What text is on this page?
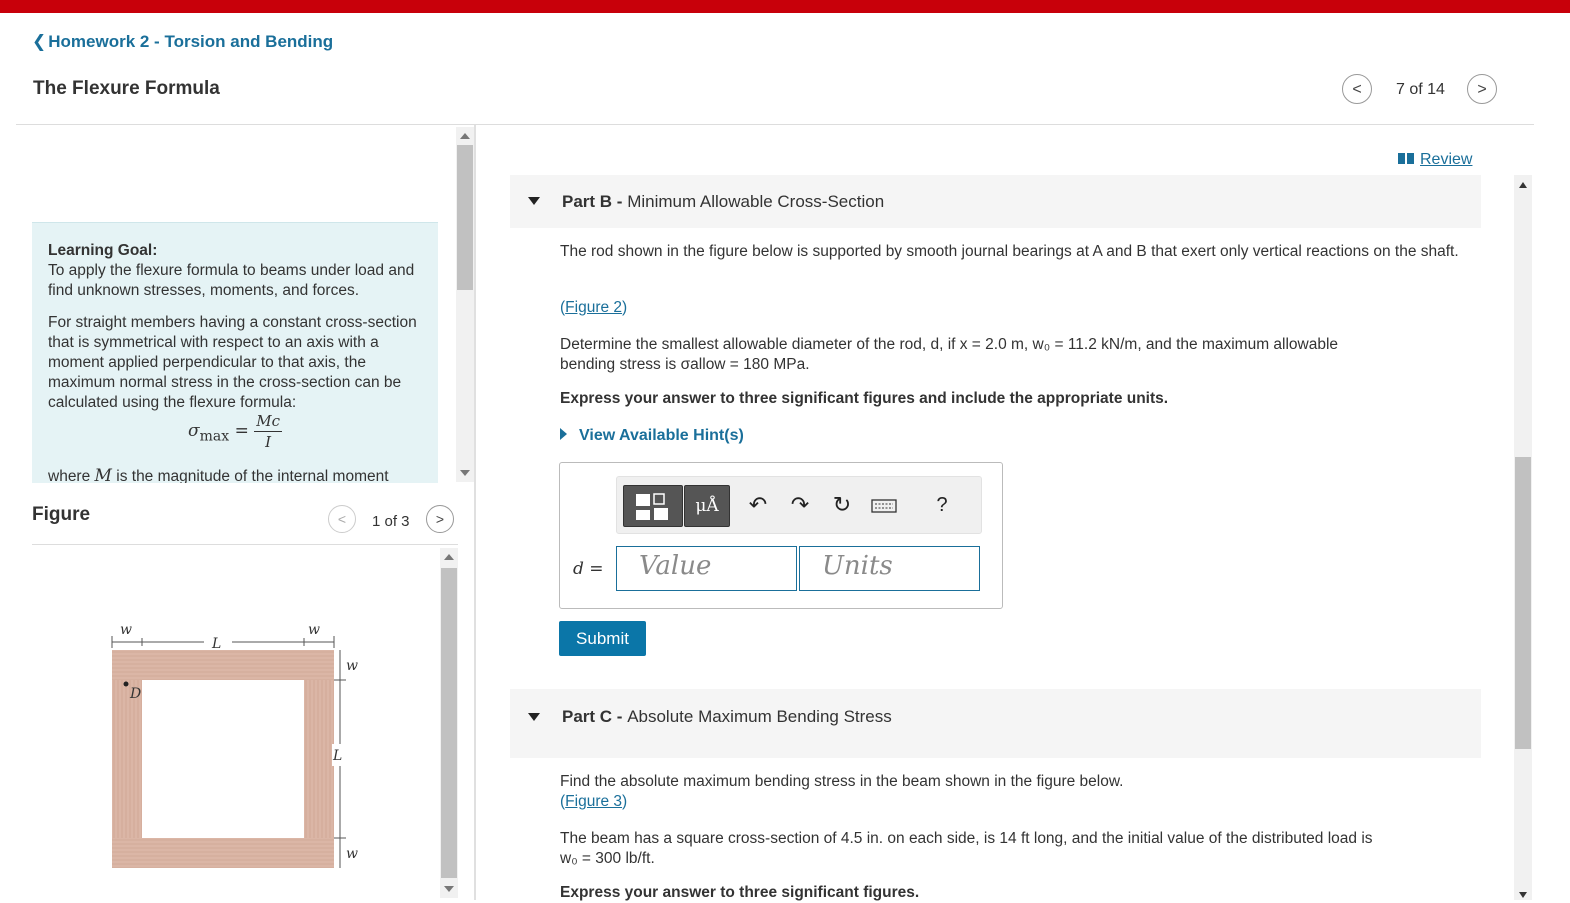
❮ Homework 2 - Torsion and Bending
The Flexure Formula	<	7 of 14	>
Learning Goal:
To apply the flexure formula to beams under load and find unknown stresses, moments, and forces.
For straight members having a constant cross-section that is symmetrical with respect to an axis with a moment applied perpendicular to that axis, the maximum normal stress in the cross-section can be calculated using the flexure formula:
$\sigma_{max} = \frac{Mc}{I}$
where M is the magnitude of the internal moment
Figure	<	1 of 3	>
w
L
w
w
L
w
D
Review
Part B - Minimum Allowable Cross-Section
The rod shown in the figure below is supported by smooth journal bearings at A and B that exert only vertical reactions on the shaft.
(Figure 2)
Determine the smallest allowable diameter of the rod, d, if x = 2.0 m, w₀ = 11.2 kN/m, and the maximum allowable
bending stress is σallow = 180 MPa.
Express your answer to three significant figures and include the appropriate units.
View Available Hint(s)
μÅ	↶ ↷ ↻	?
d =	Value	Units
Submit
Part C - Absolute Maximum Bending Stress
Find the absolute maximum bending stress in the beam shown in the figure below.
(Figure 3)
The beam has a square cross-section of 4.5 in. on each side, is 14 ft long, and the initial value of the distributed load is
w₀ = 300 lb/ft.
Express your answer to three significant figures.
